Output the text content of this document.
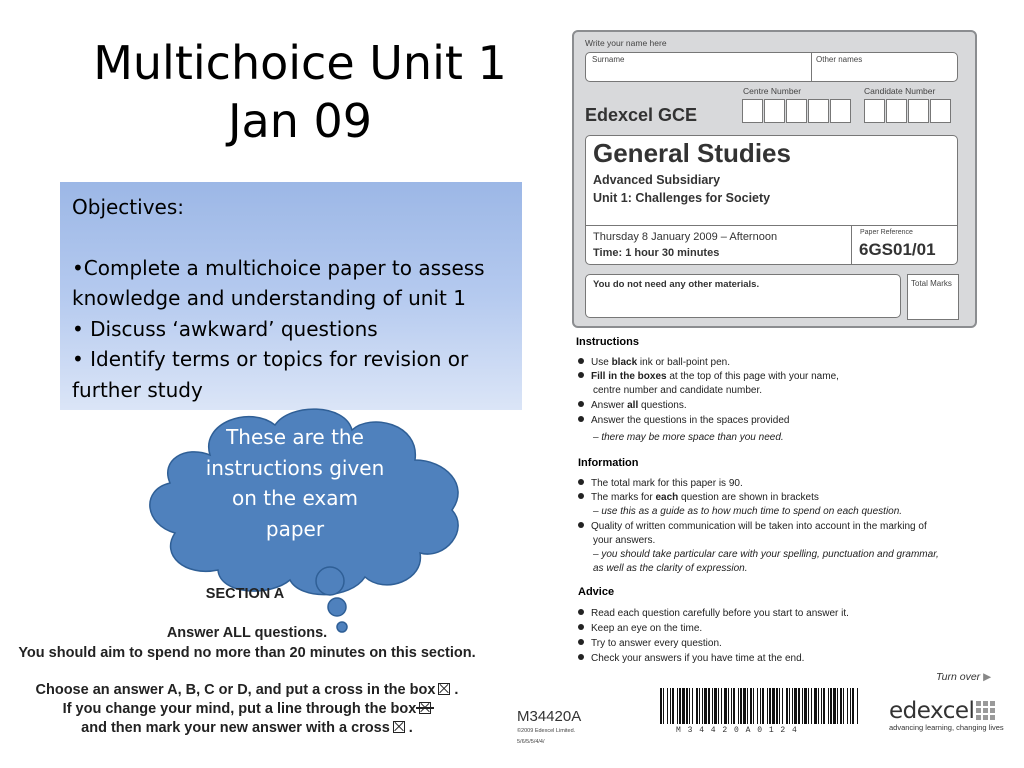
Multichoice Unit 1
Jan 09

Objectives:

•Complete a multichoice paper to assess knowledge and understanding of unit 1

• Discuss ‘awkward’ questions

• Identify terms or topics for revision or further study

These are the
instructions given
on the exam
paper
SECTION A
Answer ALL questions.
You should aim to spend no more than 20 minutes on this section.
Choose an answer A, B, C or D, and put a cross in the box ☒ .
If you change your mind, put a line through the box
and then mark your new answer with a cross ☒ .
Write your name here
Surname	Other names
Centre Number	Candidate Number
Edexcel GCE
General Studies
Advanced Subsidiary
Unit 1: Challenges for Society
Thursday 8 January 2009 – Afternoon
Time: 1 hour 30 minutes
Paper Reference
6GS01/01
You do not need any other materials.	Total Marks
Instructions
Use black ink or ball-point pen.
Fill in the boxes at the top of this page with your name,
centre number and candidate number.
Answer all questions.
Answer the questions in the spaces provided
– there may be more space than you need.
Information
The total mark for this paper is 90.
The marks for each question are shown in brackets
– use this as a guide as to how much time to spend on each question.
Quality of written communication will be taken into account in the marking of
your answers.
– you should take particular care with your spelling, punctuation and grammar,
as well as the clarity of expression.
Advice
Read each question carefully before you start to answer it.
Keep an eye on the time.
Try to answer every question.
Check your answers if you have time at the end.
Turn over ▶
M34420A
©2009 Edexcel Limited.
5/6/5/5/4/4/
M 3 4 4 2 0 A 0 1 2 4
edexcel
advancing learning, changing lives
